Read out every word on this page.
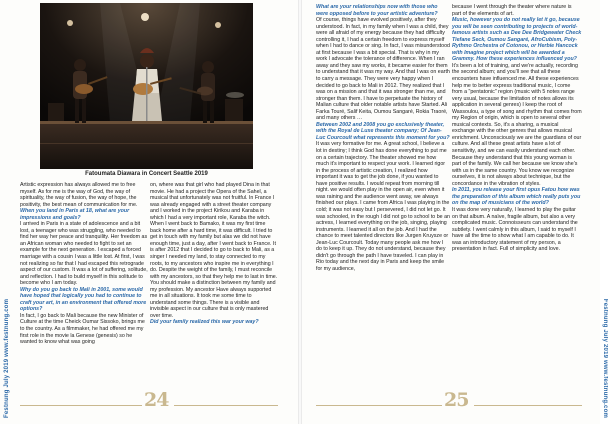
Festnung July 2019 www.festnung.com
Fatoumata Diawara in Concert Seattle 2019

Artistic expression has always allowed me to free myself. As for me is the way of God, the way of spirituality, the way of fusion, the way of hope, the positivity, the best mean of communication for me.

When you land in Paris at 18, what are your impressions and goals?

I arrived in Paris in a state of adolescence and a bit lost, a teenager who was struggling, who needed to find her way her peace and tranquility. Her freedom as an African woman who needed to fight to set an example for the next generation. I escaped a forced marriage with a cousin I was a little lost. At first, I was not realizing so far that I had escaped this retrograde aspect of our custom. It was a lot of suffering, solitude, and reflection. I had to build myself in this solitude to become who I am today.

Why do you go back to Mali in 2001, some would have hoped that logically you had to continue to craft your art, in an environment that offered more options?

In fact, I go back to Mali because the new Minister of Culture at the time Cheick Oumar Sissoko, brings me to the country. As a filmmaker, he had offered me my first role in the movie la Genese (genesis) so he wanted to know what was going

on, where was that girl who had played Dina in that movie. He had a project the Opera of the Sahel, a musical that unfortunately was not fruitful. In France I was already engaged with a street theater company and I worked in the project Kirikou and Karaba in which I had a very important role, Karaba the witch. When I went back to Bamako, it was my first time back home after a hard time, it was difficult. I tried to get in touch with my family but alas we did not have enough time, just a day, after I went back to France. It is after 2012 that I decided to go to back to Mali, as a singer I needed my land, to stay connected to my roots, to my ancestors who inspire me in everything I do. Despite the weight of the family, I must reconcile with my ancestors, so that they help me to last in time. You should make a distinction between my family and my profession. My ancestor Have always supported me in all situations. It took me some time to understand some things. There is a visible and invisible aspect in our culture that is only mastered over time.

Did your family realized this war your way?

24	Festnung July 2019 www.festnung.com

What are your relationships now with those who were opposed before to your artistic adventure?

Of course, things have evolved positively, after they understood. In fact, in my family when I was a child, they were all afraid of my energy because they had difficulty controlling it, I had a certain freedom to express myself when I had to dance or sing. In fact, I was misunderstood at first because I was a bit special. That is why in my work I advocate the tolerance of difference. When I ran away and they saw my works, it became easier for them to understand that it was my way. And that I was on earth to carry a message. They were very happy when I decided to go back to Mali in 2012. They realized that I was on a mission and that it was stronger than me, and stronger than them. I have to perpetuate the history of Malian culture that older notable artists have Started. Ali Farka Touré, Salif Keita, Oumou Sangaré, Rokia Traoré, and many others …

Between 2002 and 2008 you go exclusively theater, with the Royal de Luxe theater company; Of Jean-Luc Courcoult what represents this moment for you?

It was very formative for me. A great school, I believe a lot in destiny; I think God has done everything to put me on a certain trajectory. The theater showed me how much it's important to respect your work. I learned rigor in the process of artistic creation, I realized how important it was to get the job done, if you wanted to have positive results. I would repeat from morning till night. we would often play in the open air, even when it was raining and the audience went away, we always finished our plays. I came from Africa I was playing in the cold; it was not easy but I persevered, I did not let go. It was schooled, in the rough I did not go to school to be an actress, I learned everything on the job, singing, playing instruments. I learned it all on the job. And I had the chance to meet talented directors like Jurgen Kruysze or Jean-Luc Courcoult. Today many people ask me how I do to keep it up. They do not understand, because they didn't go through the path I have traveled. I can play in Rio today and the next day in Paris and keep the smile for my audience,

because I went through the theater where nature is part of the elements of art.

Music, however you do not really let it go, because you will be seen contributing to projects of world-famous artists such as Dee Dee Bridgewater Check Tiefane Seck, Oumou Sangaré, AfroCubism, Poly-Rythmo Orchestra of Cotonou, or Herbie Hancock with Imagine project which will be awarded a Grammy. How these experiences influenced you?

It's been a lot of training, and we're actually, recording the second album; and you'll see that all these encounters have influenced me. All these experiences help me to better express traditional music, I come from a "pentatonic" region (music with 5 notes range very usual, because the limitation of notes allows its application in several genres) I keep the root of Wassoulou, a type of song and rhythm that comes from my Region of origin, which is open to several other musical contexts. So, it's a sharing, a musical exchange with the other genres that allows musical enrichment. Unconsciously we are the guardians of our culture. And all these great artists have a lot of sensitivity, and we can easily understand each other. Because they understand that this young woman is part of the family. We call her because we know she's with us in the same country. You know we recognize ourselves, it is not always about technique, but the concordance in the vibration of styles.

In 2011, you release your first opus Fatou how was the preparation of this album which really puts you on the map of musicians of the world?

It was done very naturally, I learned to play the guitar on that album. A naïve, fragile album, but also a very complicated music. Connoisseurs can understand the subtlety. I went calmly in this album, I said to myself I have all the time to show what I am capable to do. It was an introductory statement of my person, a presentation in fact. Full of simplicity and love.

25
